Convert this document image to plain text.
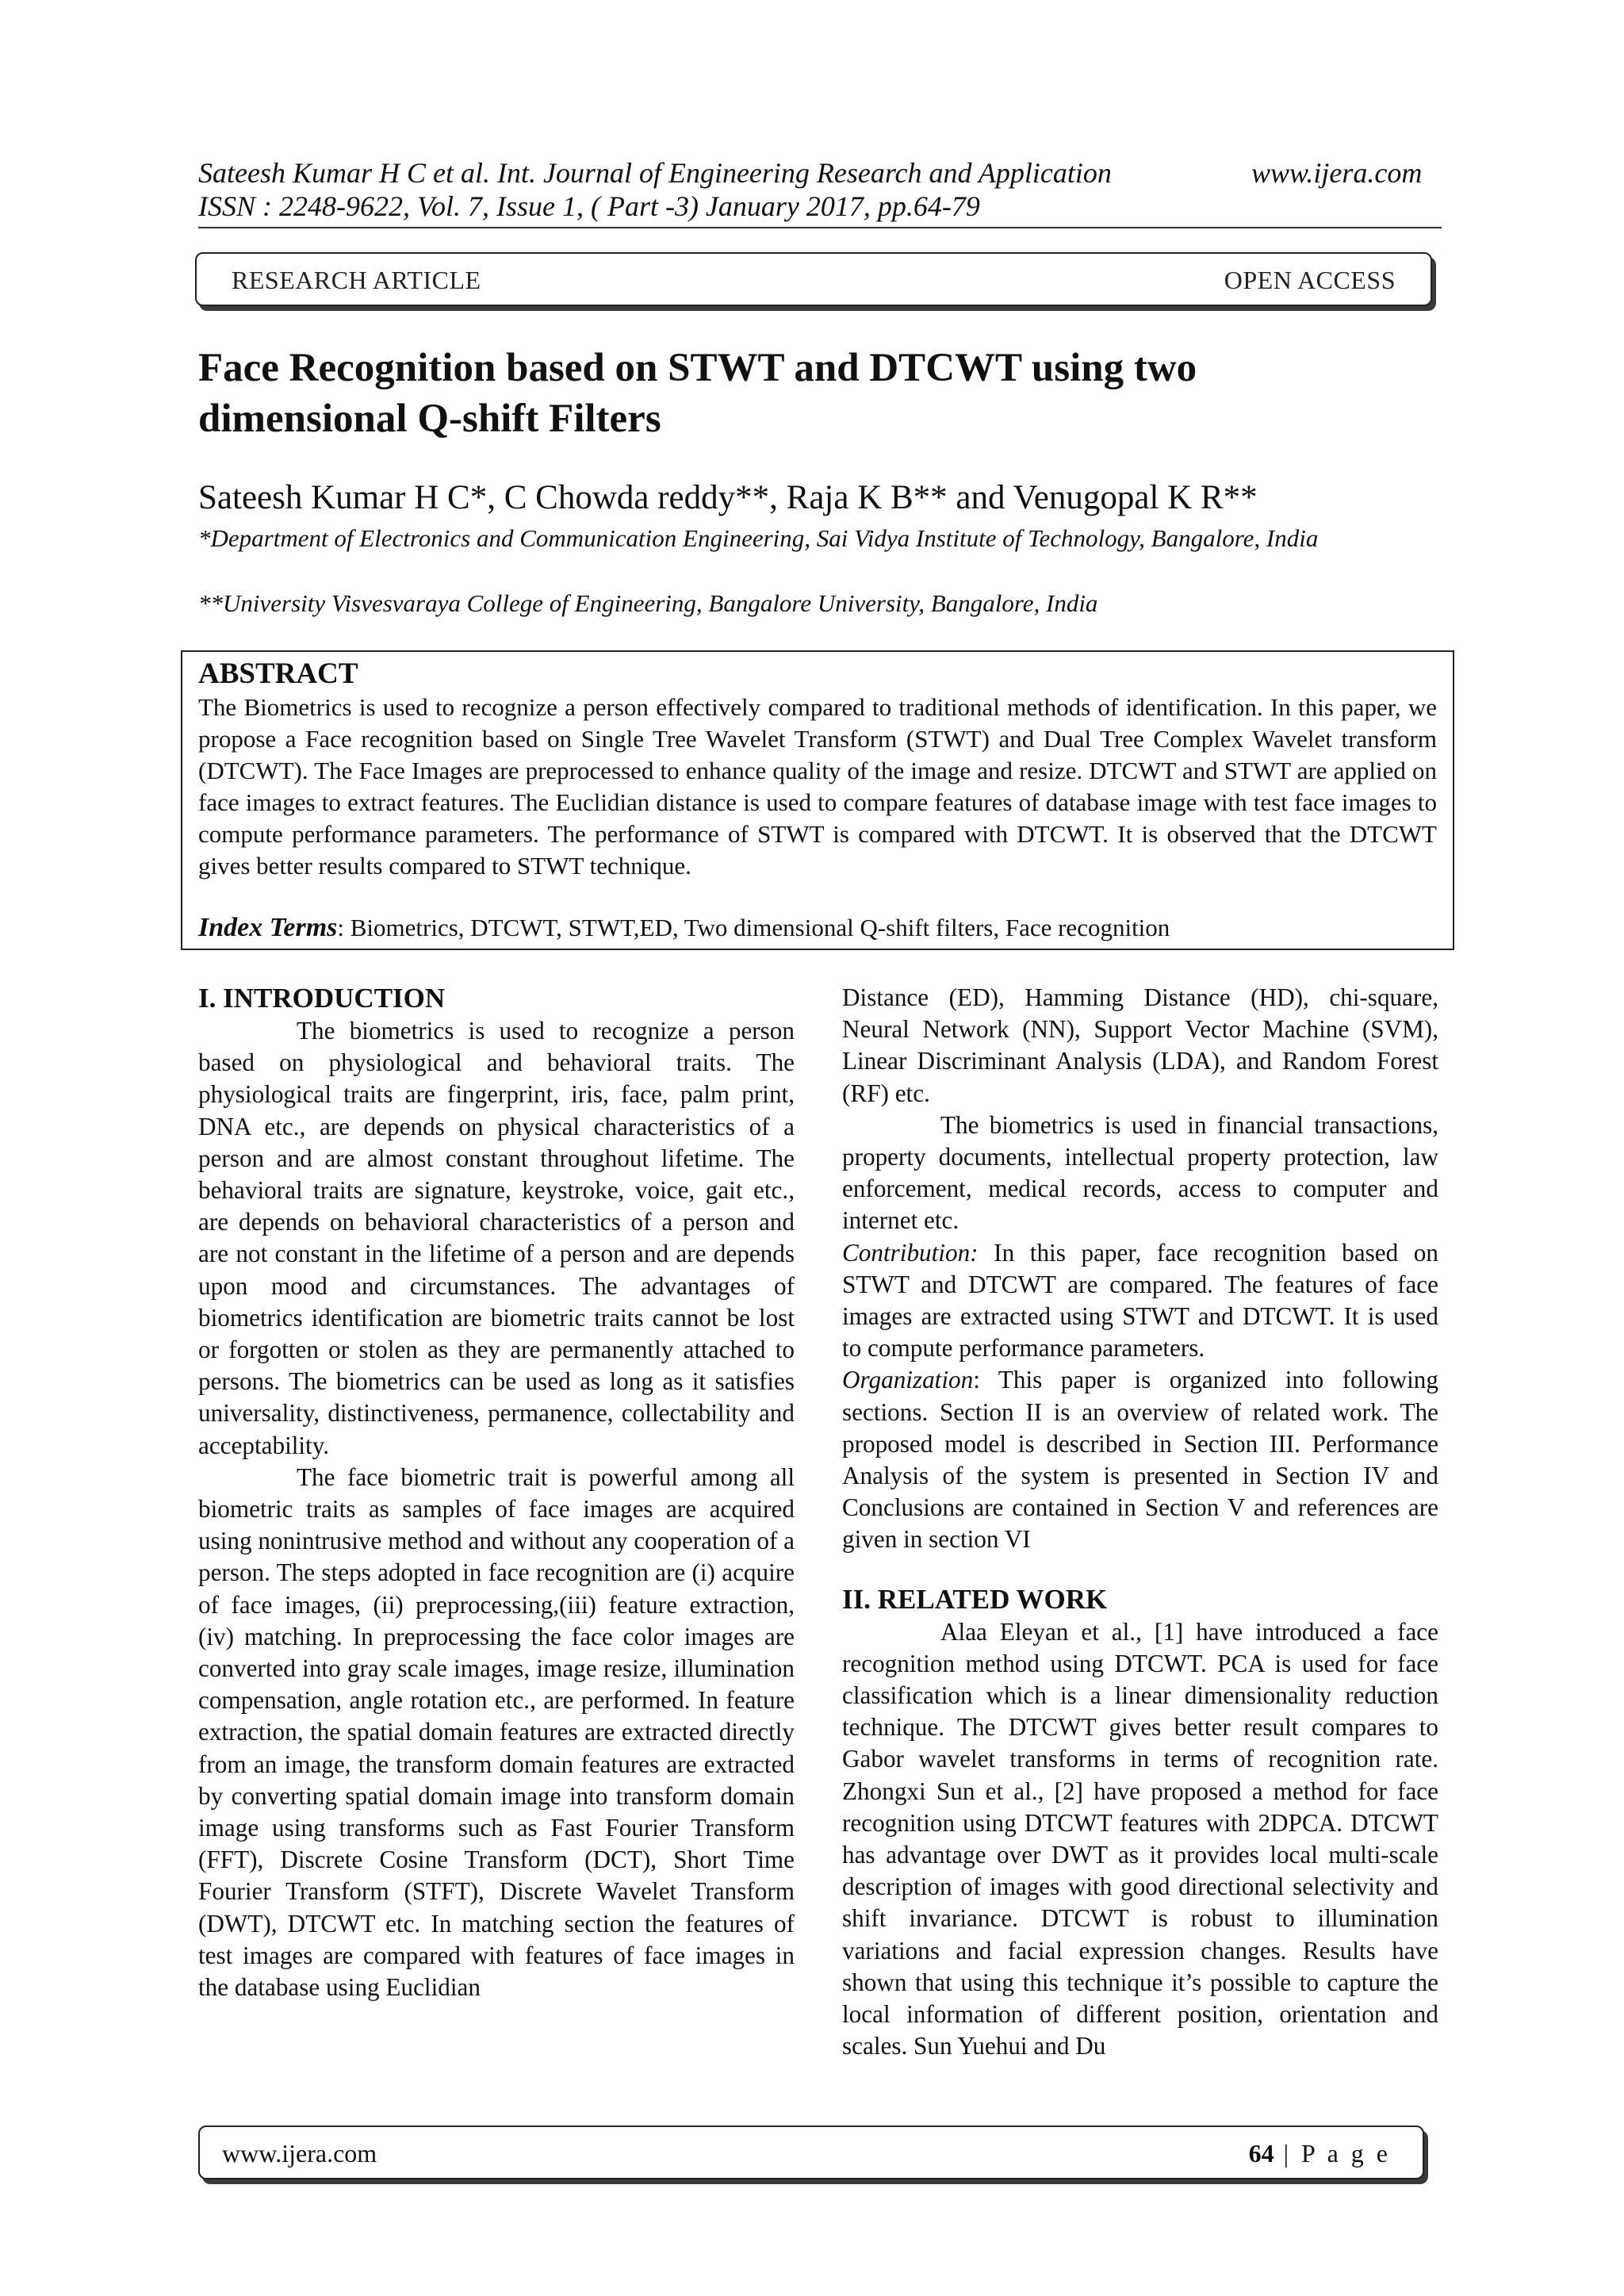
Sateesh Kumar H C et al. Int. Journal of Engineering Research and Application	www.ijera.com
ISSN : 2248-9622, Vol. 7, Issue 1, ( Part -3) January 2017, pp.64-79
RESEARCH ARTICLE	OPEN ACCESS
Face Recognition based on STWT and DTCWT using two
dimensional Q-shift Filters
Sateesh Kumar H C*, C Chowda reddy**, Raja K B** and Venugopal K R**
*Department of Electronics and Communication Engineering, Sai Vidya Institute of Technology, Bangalore, India
**University Visvesvaraya College of Engineering, Bangalore University, Bangalore, India
ABSTRACT
The Biometrics is used to recognize a person effectively compared to traditional methods of identification. In this paper, we propose a Face recognition based on Single Tree Wavelet Transform (STWT) and Dual Tree Complex Wavelet transform (DTCWT). The Face Images are preprocessed to enhance quality of the image and resize. DTCWT and STWT are applied on face images to extract features. The Euclidian distance is used to compare features of database image with test face images to compute performance parameters. The performance of STWT is compared with DTCWT. It is observed that the DTCWT gives better results compared to STWT technique.
Index Terms: Biometrics, DTCWT, STWT,ED, Two dimensional Q-shift filters, Face recognition

I. INTRODUCTION

The biometrics is used to recognize a person based on physiological and behavioral traits. The physiological traits are fingerprint, iris, face, palm print, DNA etc., are depends on physical characteristics of a person and are almost constant throughout lifetime. The behavioral traits are signature, keystroke, voice, gait etc., are depends on behavioral characteristics of a person and are not constant in the lifetime of a person and are depends upon mood and circumstances. The advantages of biometrics identification are biometric traits cannot be lost or forgotten or stolen as they are permanently attached to persons. The biometrics can be used as long as it satisfies universality, distinctiveness, permanence, collectability and acceptability.

The face biometric trait is powerful among all biometric traits as samples of face images are acquired using nonintrusive method and without any cooperation of a person. The steps adopted in face recognition are (i) acquire of face images, (ii) preprocessing,(iii) feature extraction, (iv) matching. In preprocessing the face color images are converted into gray scale images, image resize, illumination compensation, angle rotation etc., are performed. In feature extraction, the spatial domain features are extracted directly from an image, the transform domain features are extracted by converting spatial domain image into transform domain image using transforms such as Fast Fourier Transform (FFT), Discrete Cosine Transform (DCT), Short Time Fourier Transform (STFT), Discrete Wavelet Transform (DWT), DTCWT etc. In matching section the features of test images are compared with features of face images in the database using Euclidian

Distance (ED), Hamming Distance (HD), chi-square, Neural Network (NN), Support Vector Machine (SVM), Linear Discriminant Analysis (LDA), and Random Forest (RF) etc.

The biometrics is used in financial transactions, property documents, intellectual property protection, law enforcement, medical records, access to computer and internet etc.

Contribution: In this paper, face recognition based on STWT and DTCWT are compared. The features of face images are extracted using STWT and DTCWT. It is used to compute performance parameters.

Organization: This paper is organized into following sections. Section II is an overview of related work. The proposed model is described in Section III. Performance Analysis of the system is presented in Section IV and Conclusions are contained in Section V and references are given in section VI

II. RELATED WORK

Alaa Eleyan et al., [1] have introduced a face recognition method using DTCWT. PCA is used for face classification which is a linear dimensionality reduction technique. The DTCWT gives better result compares to Gabor wavelet transforms in terms of recognition rate. Zhongxi Sun et al., [2] have proposed a method for face recognition using DTCWT features with 2DPCA. DTCWT has advantage over DWT as it provides local multi-scale description of images with good directional selectivity and shift invariance. DTCWT is robust to illumination variations and facial expression changes. Results have shown that using this technique it’s possible to capture the local information of different position, orientation and scales. Sun Yuehui and Du

www.ijera.com	64 | P a g e
